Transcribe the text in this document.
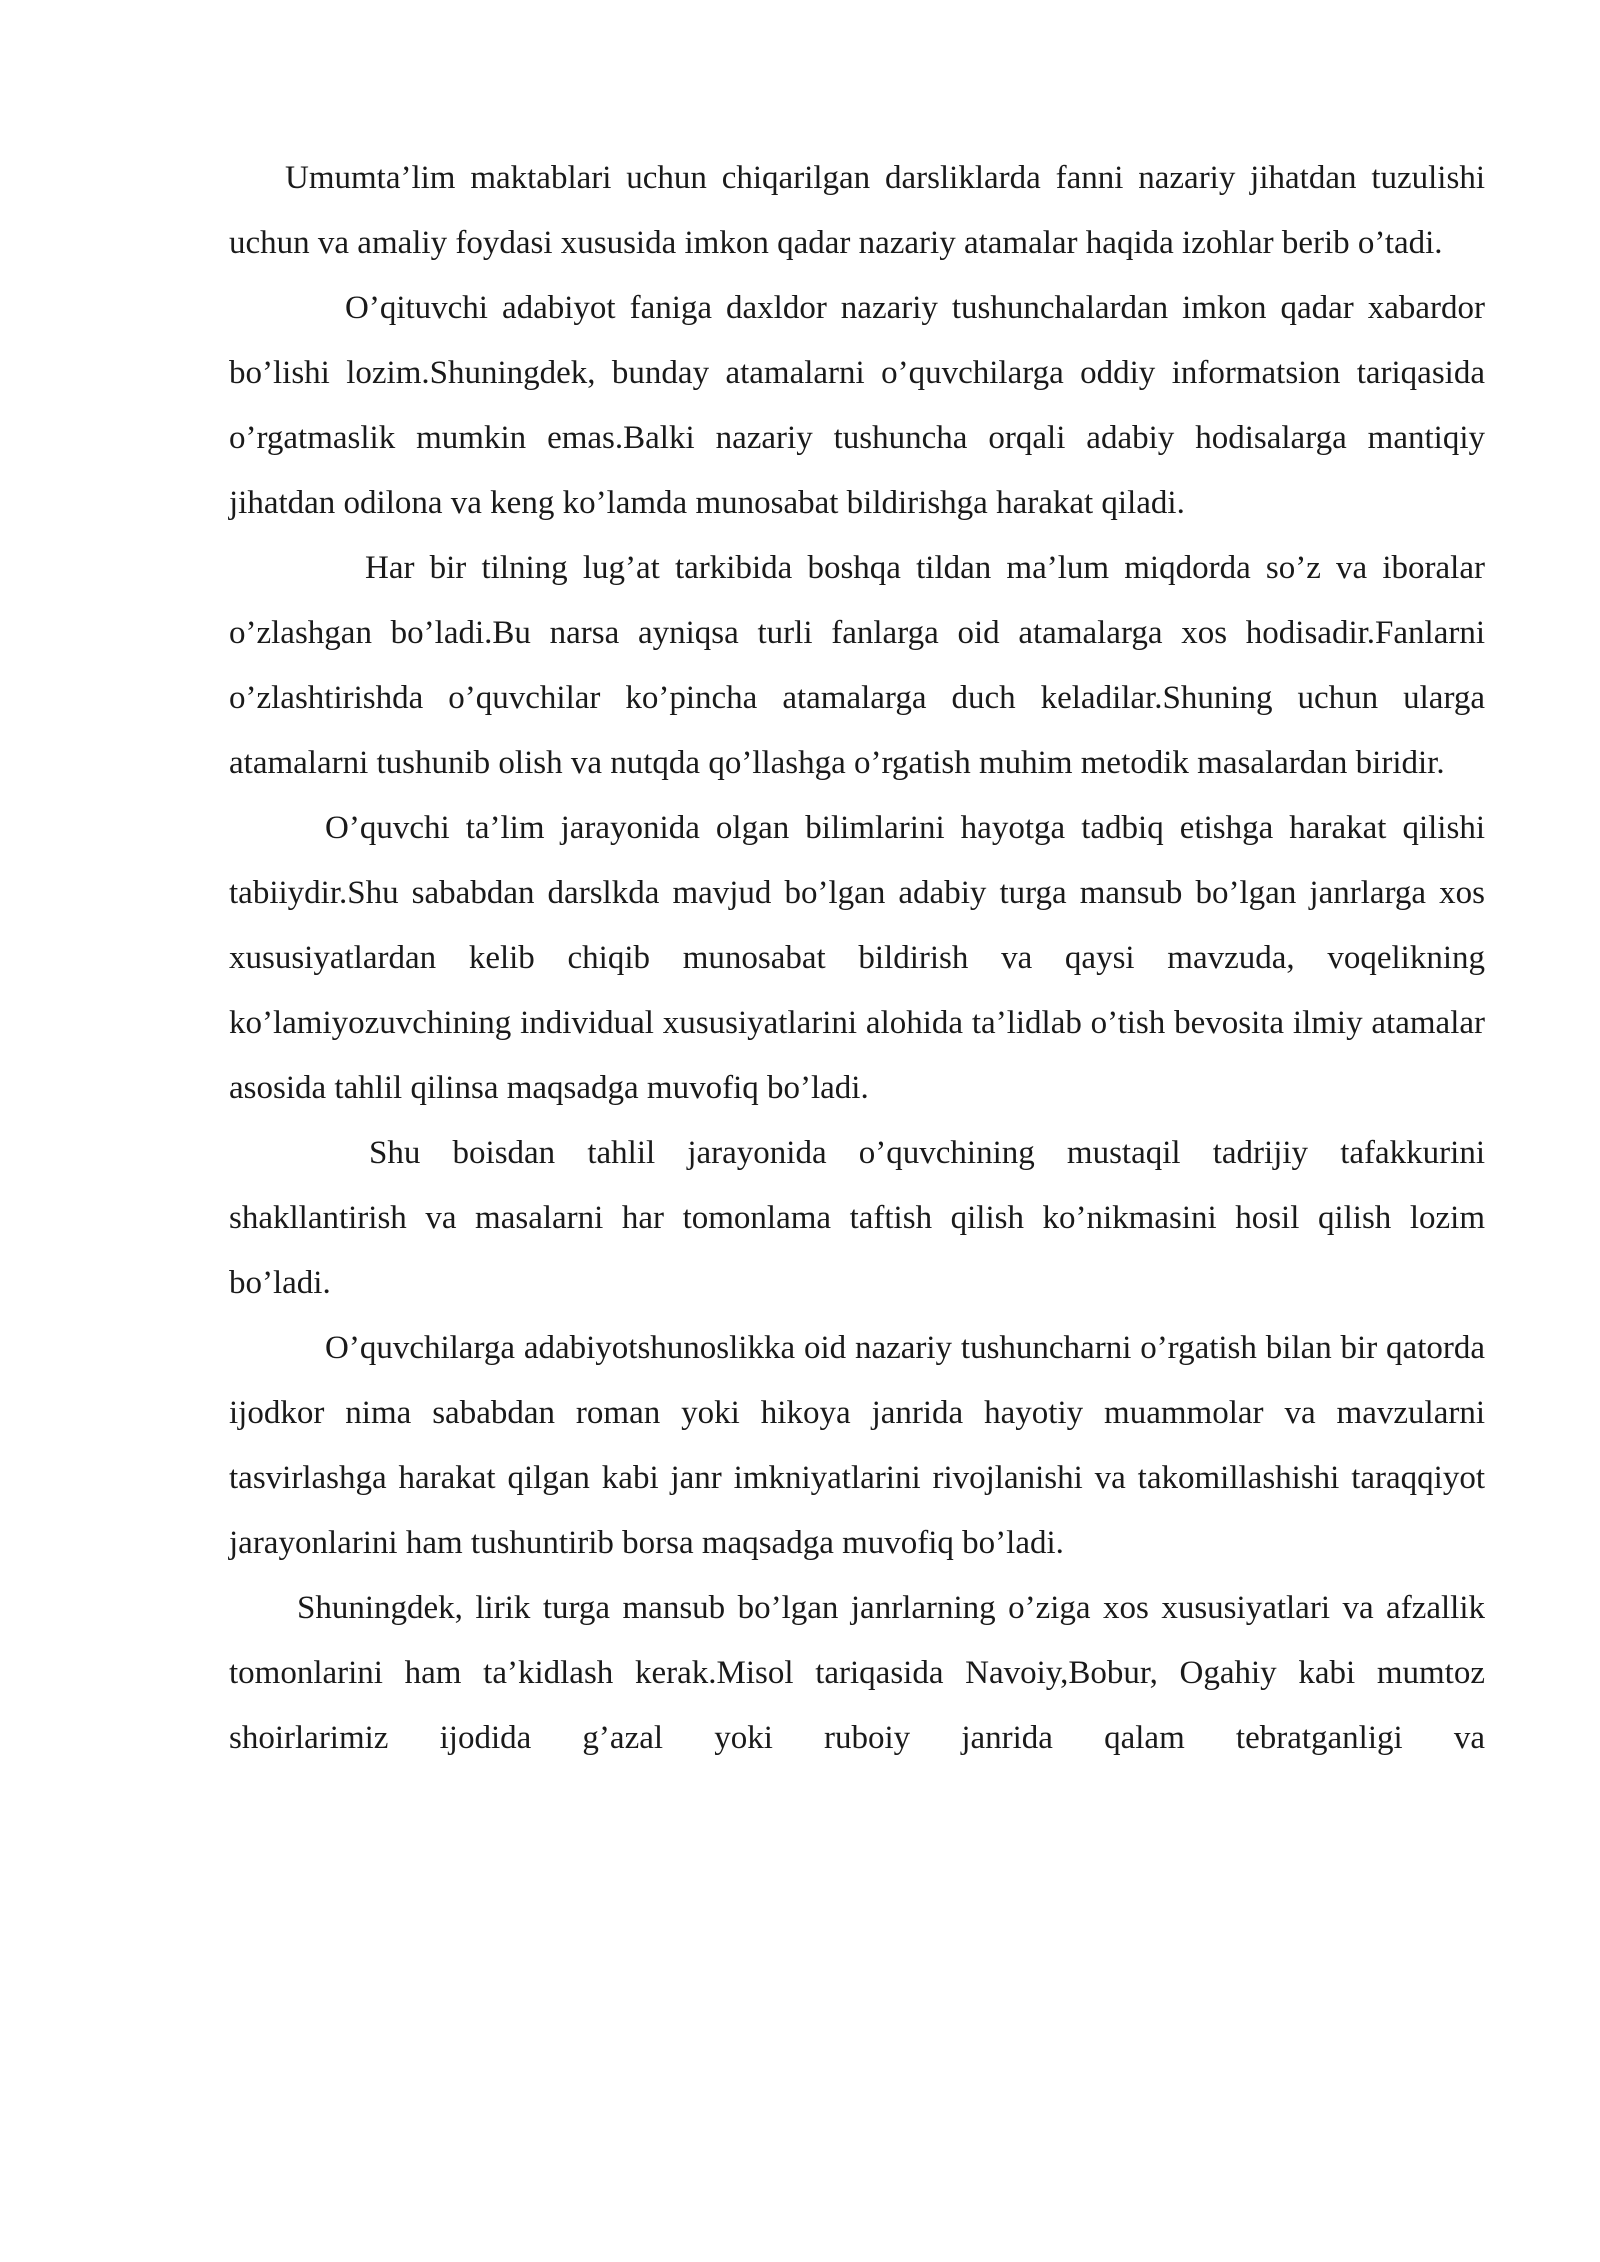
Umumta’lim maktablari uchun chiqarilgan darsliklarda fanni nazariy jihatdan tuzulishi uchun va amaliy foydasi xususida imkon qadar nazariy atamalar haqida izohlar berib o’tadi.

O’qituvchi adabiyot faniga daxldor nazariy tushunchalardan imkon qadar xabardor bo’lishi lozim.Shuningdek, bunday atamalarni o’quvchilarga oddiy informatsion tariqasida o’rgatmaslik mumkin emas.Balki nazariy tushuncha orqali adabiy hodisalarga mantiqiy jihatdan odilona va keng ko’lamda munosabat bildirishga harakat qiladi.

Har bir tilning lug’at tarkibida boshqa tildan ma’lum miqdorda so’z va iboralar o’zlashgan bo’ladi.Bu narsa ayniqsa turli fanlarga oid atamalarga xos hodisadir.Fanlarni o’zlashtirishda o’quvchilar ko’pincha atamalarga duch keladilar.Shuning uchun ularga atamalarni tushunib olish va nutqda qo’llashga o’rgatish muhim metodik masalardan biridir.

O’quvchi ta’lim jarayonida olgan bilimlarini hayotga tadbiq etishga harakat qilishi tabiiydir.Shu sababdan darslkda mavjud bo’lgan adabiy turga mansub bo’lgan janrlarga xos xususiyatlardan kelib chiqib munosabat bildirish va qaysi mavzuda, voqelikning ko’lamiyozuvchining individual xususiyatlarini alohida ta’lidlab o’tish bevosita ilmiy atamalar asosida tahlil qilinsa maqsadga muvofiq bo’ladi.

Shu boisdan tahlil jarayonida o’quvchining mustaqil tadrijiy tafakkurini shakllantirish va masalarni har tomonlama taftish qilish ko’nikmasini hosil qilish lozim bo’ladi.

O’quvchilarga adabiyotshunoslikka oid nazariy tushuncharni o’rgatish bilan bir qatorda ijodkor nima sababdan roman yoki hikoya janrida hayotiy muammolar va mavzularni tasvirlashga harakat qilgan kabi janr imkniyatlarini rivojlanishi va takomillashishi taraqqiyot jarayonlarini ham tushuntirib borsa maqsadga muvofiq bo’ladi.

Shuningdek, lirik turga mansub bo’lgan janrlarning o’ziga xos xususiyatlari va afzallik tomonlarini ham ta’kidlash kerak.Misol tariqasida Navoiy,Bobur, Ogahiy kabi mumtoz shoirlarimiz ijodida g’azal yoki ruboiy janrida qalam tebratganligi va
